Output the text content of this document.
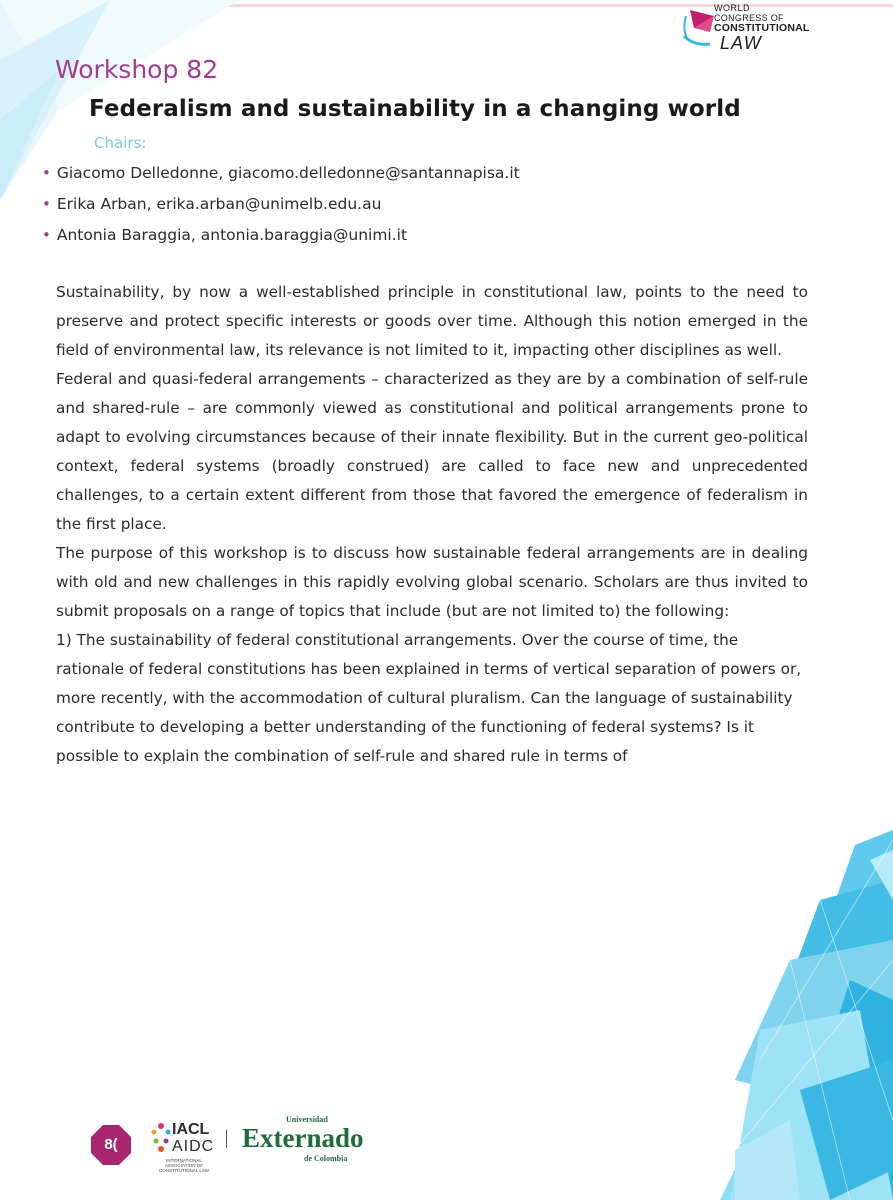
WORLD
CONGRESS OF
CONSTITUTIONAL
LAW
Workshop 82
Federalism and sustainability in a changing world
Chairs:
• Giacomo Delledonne, giacomo.delledonne@santannapisa.it
• Erika Arban, erika.arban@unimelb.edu.au
• Antonia Baraggia, antonia.baraggia@unimi.it

Sustainability, by now a well-established principle in constitutional law, points to the need to preserve and protect specific interests or goods over time. Although this notion emerged in the field of environmental law, its relevance is not limited to it, impacting other disciplines as well.

Federal and quasi-federal arrangements – characterized as they are by a combination of self-rule and shared-rule – are commonly viewed as constitutional and political arrangements prone to adapt to evolving circumstances because of their innate flexibility. But in the current geo-political context, federal systems (broadly construed) are called to face new and unprecedented challenges, to a certain extent different from those that favored the emergence of federalism in the first place.

The purpose of this workshop is to discuss how sustainable federal arrangements are in dealing with old and new challenges in this rapidly evolving global scenario. Scholars are thus invited to submit proposals on a range of topics that include (but are not limited to) the following:

1) The sustainability of federal constitutional arrangements. Over the course of time, the rationale of federal constitutions has been explained in terms of vertical separation of powers or, more recently, with the accommodation of cultural pluralism. Can the language of sustainability contribute to developing a better understanding of the functioning of federal systems? Is it possible to explain the combination of self-rule and shared rule in terms of

8(
IACL
AIDC
INTERNATIONAL ASSOCIATION OF CONSTITUTIONAL LAW
Universidad
Externado
de Colombia
